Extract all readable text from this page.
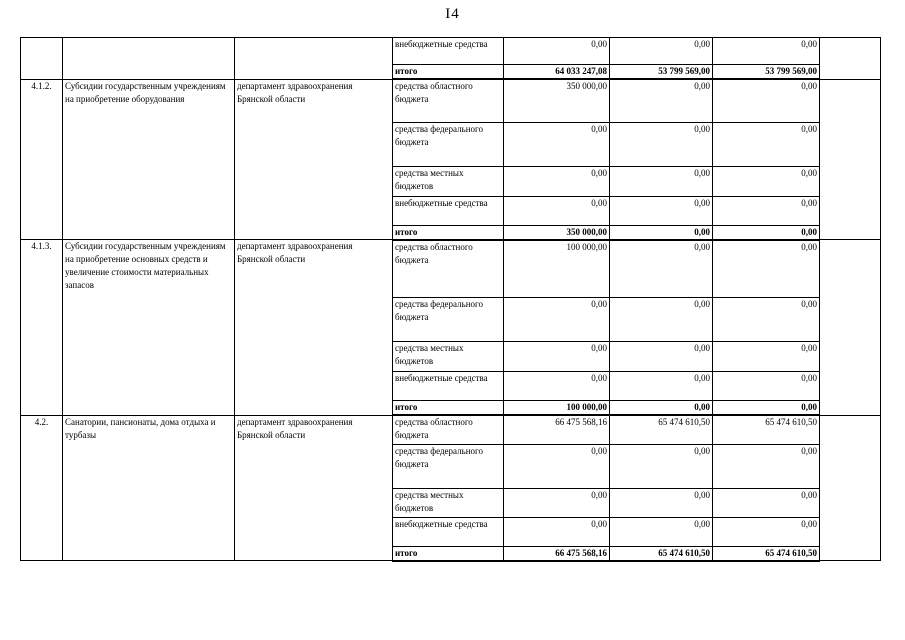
I4
			внебюджетные средства	0,00	0,00	0,00	
			итого	64 033 247,08	53 799 569,00	53 799 569,00	
4.1.2.	Субсидии государственным учреждениям на приобретение оборудования	департамент здравоохранения Брянской области	средства областного бюджета	350 000,00	0,00	0,00	
			средства федерального бюджета	0,00	0,00	0,00	
			средства местных бюджетов	0,00	0,00	0,00	
			внебюджетные средства	0,00	0,00	0,00	
			итого	350 000,00	0,00	0,00	
4.1.3.	Субсидии государственным учреждениям на приобретение основных средств и увеличение стоимости материальных запасов	департамент здравоохранения Брянской области	средства областного бюджета	100 000,00	0,00	0,00	
			средства федерального бюджета	0,00	0,00	0,00	
			средства местных бюджетов	0,00	0,00	0,00	
			внебюджетные средства	0,00	0,00	0,00	
			итого	100 000,00	0,00	0,00	
4.2.	Санатории, пансионаты, дома отдыха и турбазы	департамент здравоохранения Брянской области	средства областного бюджета	66 475 568,16	65 474 610,50	65 474 610,50	
			средства федерального бюджета	0,00	0,00	0,00	
			средства местных бюджетов	0,00	0,00	0,00	
			внебюджетные средства	0,00	0,00	0,00	
			итого	66 475 568,16	65 474 610,50	65 474 610,50	
